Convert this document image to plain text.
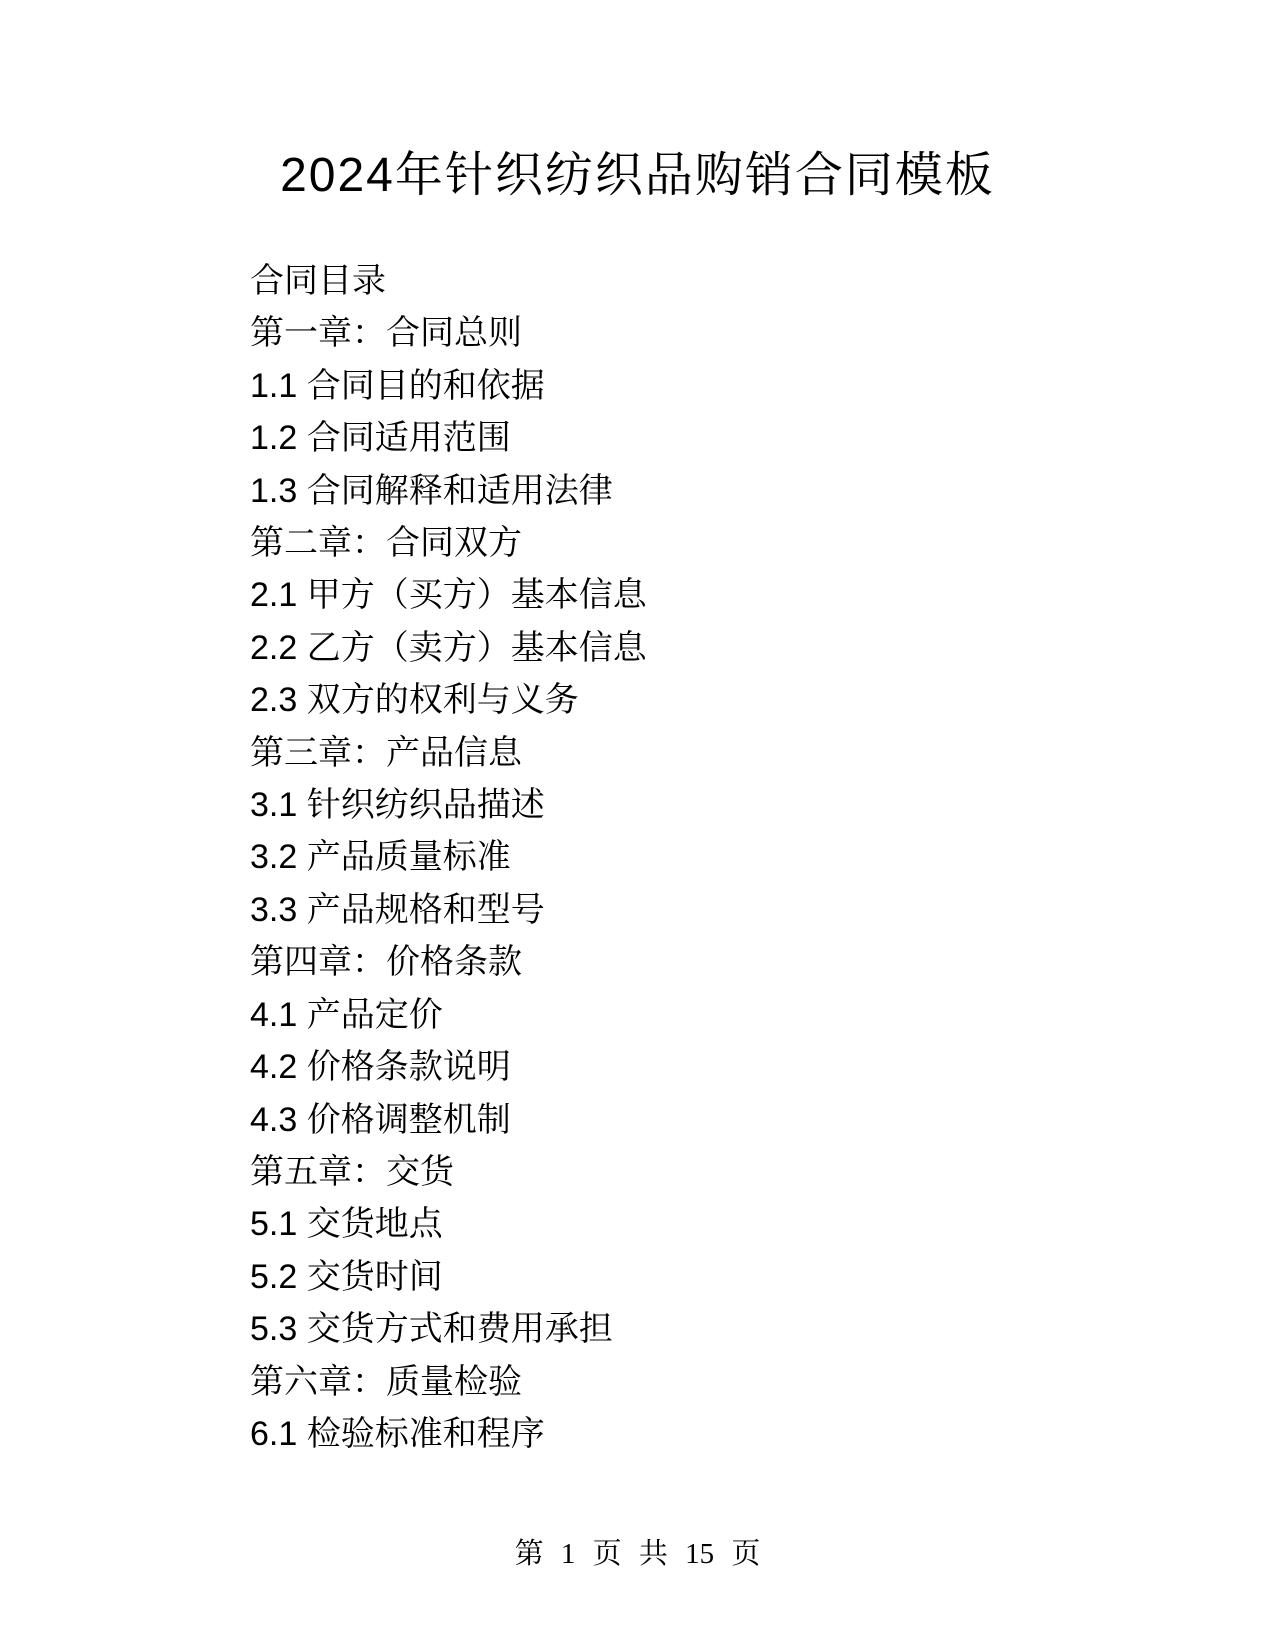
2024年针织纺织品购销合同模板
合同目录
第一章：合同总则
1.1 合同目的和依据
1.2 合同适用范围
1.3 合同解释和适用法律
第二章：合同双方
2.1 甲方（买方）基本信息
2.2 乙方（卖方）基本信息
2.3 双方的权利与义务
第三章：产品信息
3.1 针织纺织品描述
3.2 产品质量标准
3.3 产品规格和型号
第四章：价格条款
4.1 产品定价
4.2 价格条款说明
4.3 价格调整机制
第五章：交货
5.1 交货地点
5.2 交货时间
5.3 交货方式和费用承担
第六章：质量检验
6.1 检验标准和程序
第 1 页 共 15 页
